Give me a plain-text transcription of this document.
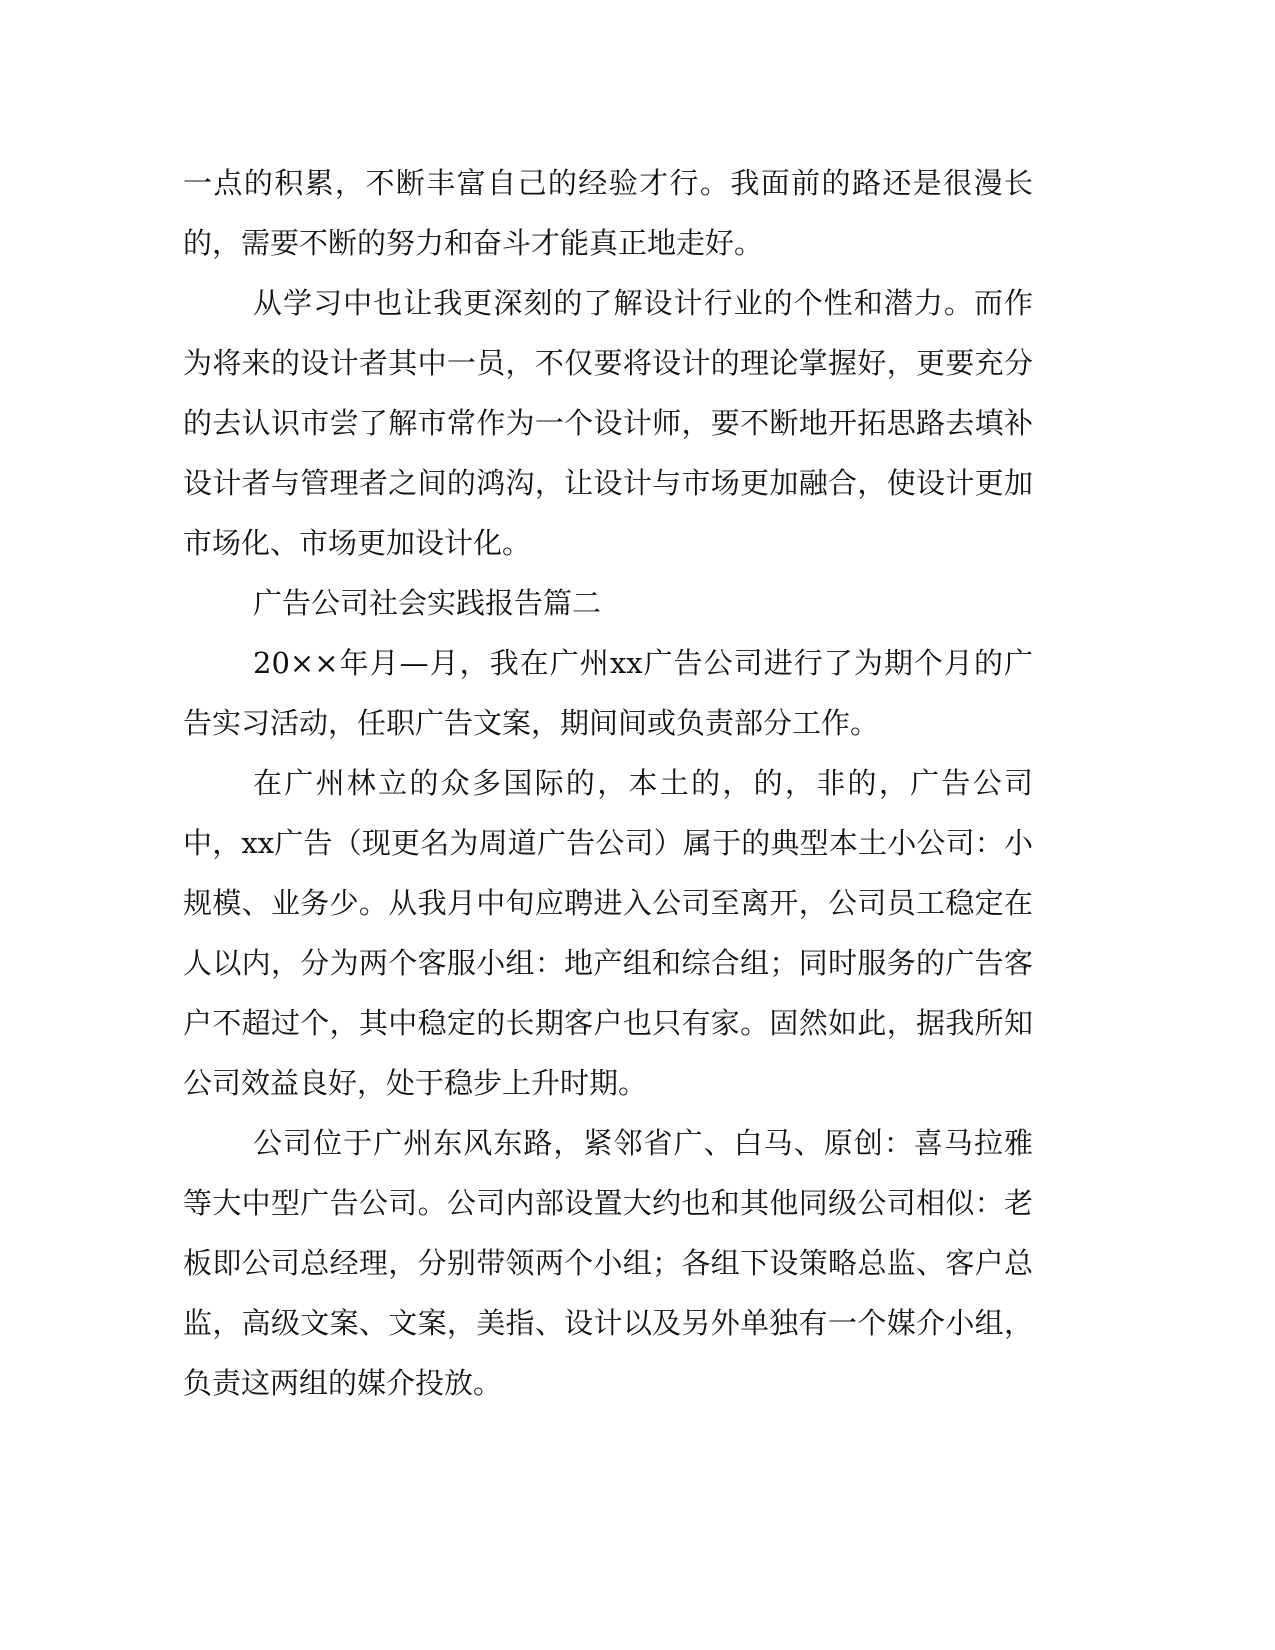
一点的积累，不断丰富自己的经验才行。我面前的路还是很漫长的，需要不断的努力和奋斗才能真正地走好。

从学习中也让我更深刻的了解设计行业的个性和潜力。而作为将来的设计者其中一员，不仅要将设计的理论掌握好，更要充分的去认识市尝了解市常作为一个设计师，要不断地开拓思路去填补设计者与管理者之间的鸿沟，让设计与市场更加融合，使设计更加市场化、市场更加设计化。

广告公司社会实践报告篇二

20××年月—月，我在广州xx广告公司进行了为期个月的广告实习活动，任职广告文案，期间间或负责部分工作。

在广州林立的众多国际的，本土的，的，非的，广告公司中，xx广告（现更名为周道广告公司）属于的典型本土小公司：小规模、业务少。从我月中旬应聘进入公司至离开，公司员工稳定在人以内，分为两个客服小组：地产组和综合组；同时服务的广告客户不超过个，其中稳定的长期客户也只有家。固然如此，据我所知公司效益良好，处于稳步上升时期。

公司位于广州东风东路，紧邻省广、白马、原创：喜马拉雅等大中型广告公司。公司内部设置大约也和其他同级公司相似：老板即公司总经理，分别带领两个小组；各组下设策略总监、客户总监，高级文案、文案，美指、设计以及另外单独有一个媒介小组，负责这两组的媒介投放。
